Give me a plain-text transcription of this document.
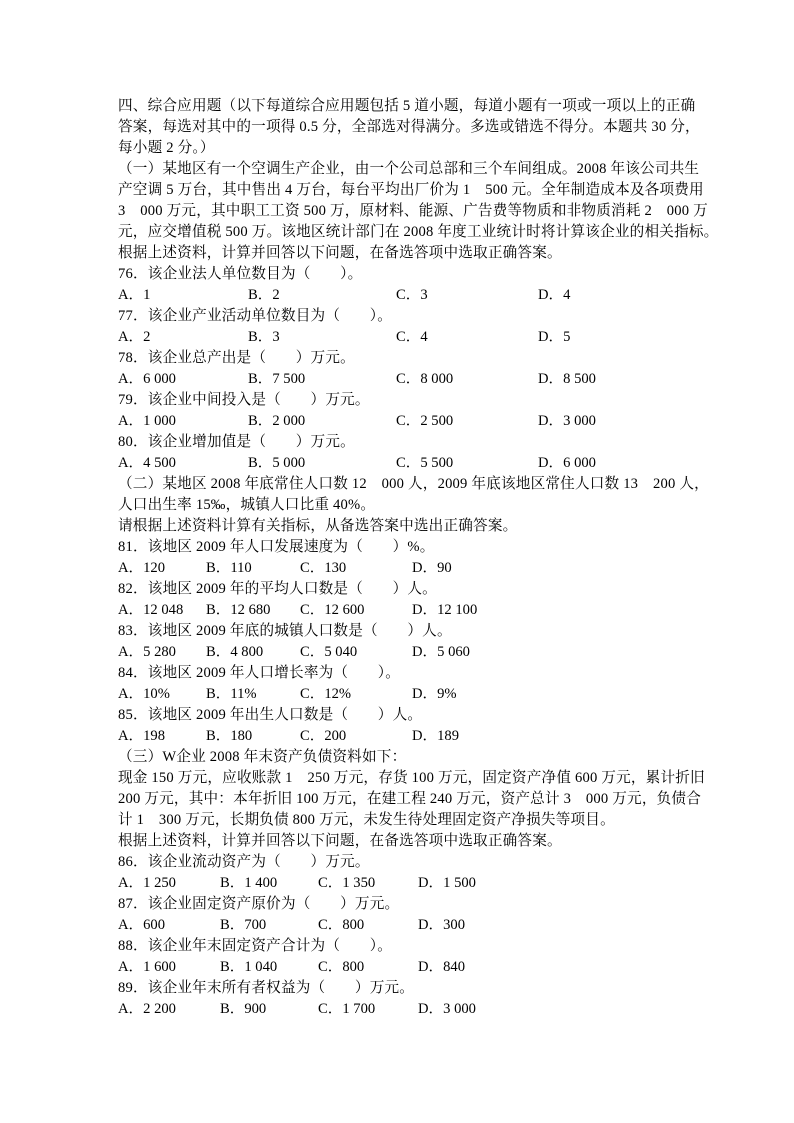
四、综合应用题（以下每道综合应用题包括 5 道小题，每道小题有一项或一项以上的正确
答案，每选对其中的一项得 0.5 分，全部选对得满分。多选或错选不得分。本题共 30 分，
每小题 2 分。）
（一）某地区有一个空调生产企业，由一个公司总部和三个车间组成。2008 年该公司共生
产空调 5 万台，其中售出 4 万台，每台平均出厂价为 1　500 元。全年制造成本及各项费用
3　000 万元，其中职工工资 500 万，原材料、能源、广告费等物质和非物质消耗 2　000 万
元，应交增值税 500 万。该地区统计部门在 2008 年度工业统计时将计算该企业的相关指标。
根据上述资料，计算并回答以下问题，在备选答项中选取正确答案。
76．该企业法人单位数目为（　　）。
A．1	B．2	C．3	D．4
77．该企业产业活动单位数目为（　　）。
A．2	B．3	C．4	D．5
78．该企业总产出是（　　）万元。
A．6 000	B．7 500	C．8 000	D．8 500
79．该企业中间投入是（　　）万元。
A．1 000	B．2 000	C．2 500	D．3 000
80．该企业增加值是（　　）万元。
A．4 500	B．5 000	C．5 500	D．6 000
（二）某地区 2008 年底常住人口数 12　000 人，2009 年底该地区常住人口数 13　200 人，
人口出生率 15‰，城镇人口比重 40%。
请根据上述资料计算有关指标，从备选答案中选出正确答案。
81．该地区 2009 年人口发展速度为（　　）%。
A．120	B．110	C．130	D．90
82．该地区 2009 年的平均人口数是（　　）人。
A．12 048 B．12 680 C．12 600	D．12 100
83．该地区 2009 年底的城镇人口数是（　　）人。
A．5 280 B．4 800	C．5 040	D．5 060
84．该地区 2009 年人口增长率为（　　）。
A．10% B．11%	C．12%	D．9%
85．该地区 2009 年出生人口数是（　　）人。
A．198	B．180	C．200	D．189
（三）W企业 2008 年末资产负债资料如下：
现金 150 万元，应收账款 1　250 万元，存货 100 万元，固定资产净值 600 万元，累计折旧
200 万元，其中：本年折旧 100 万元，在建工程 240 万元，资产总计 3　000 万元，负债合
计 1　300 万元，长期负债 800 万元，未发生待处理固定资产净损失等项目。
根据上述资料，计算并回答以下问题，在备选答项中选取正确答案。
86．该企业流动资产为（　　）万元。
A．1 250	B．1 400	C．1 350	D．1 500
87．该企业固定资产原价为（　　）万元。
A．600	B．700	C．800	D．300
88．该企业年末固定资产合计为（　　）。
A．1 600	B．1 040	C．800	D．840
89．该企业年末所有者权益为（　　）万元。
A．2 200	B．900	C．1 700	D．3 000
